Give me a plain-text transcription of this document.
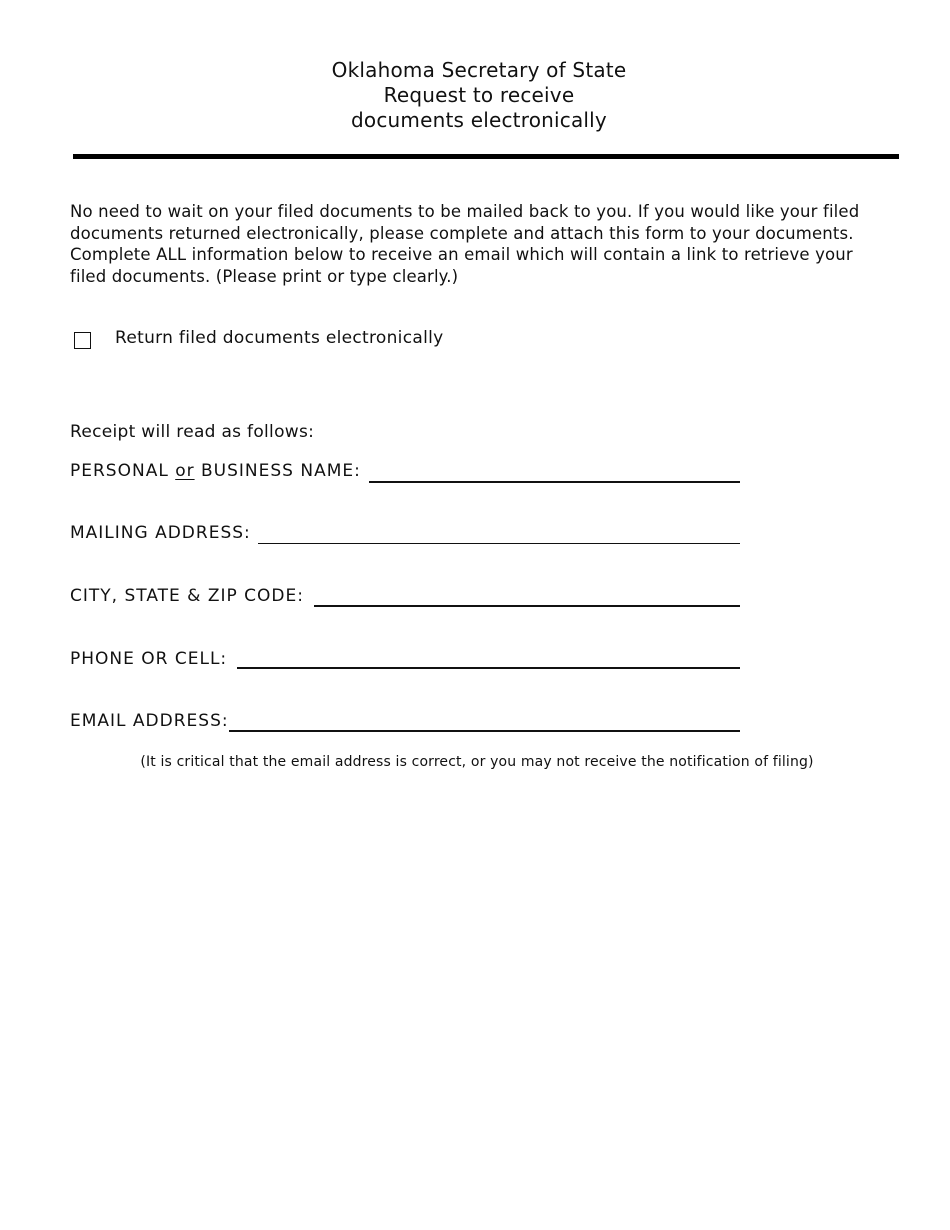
Oklahoma Secretary of State
Request to receive
documents electronically
No need to wait on your filed documents to be mailed back to you. If you would like your filed
documents returned electronically, please complete and attach this form to your documents.
Complete ALL information below to receive an email which will contain a link to retrieve your
filed documents. (Please print or type clearly.)
Return filed documents electronically
Receipt will read as follows:
PERSONAL or BUSINESS NAME:
MAILING ADDRESS:
CITY, STATE & ZIP CODE:
PHONE OR CELL:
EMAIL ADDRESS:
(It is critical that the email address is correct, or you may not receive the notification of filing)
